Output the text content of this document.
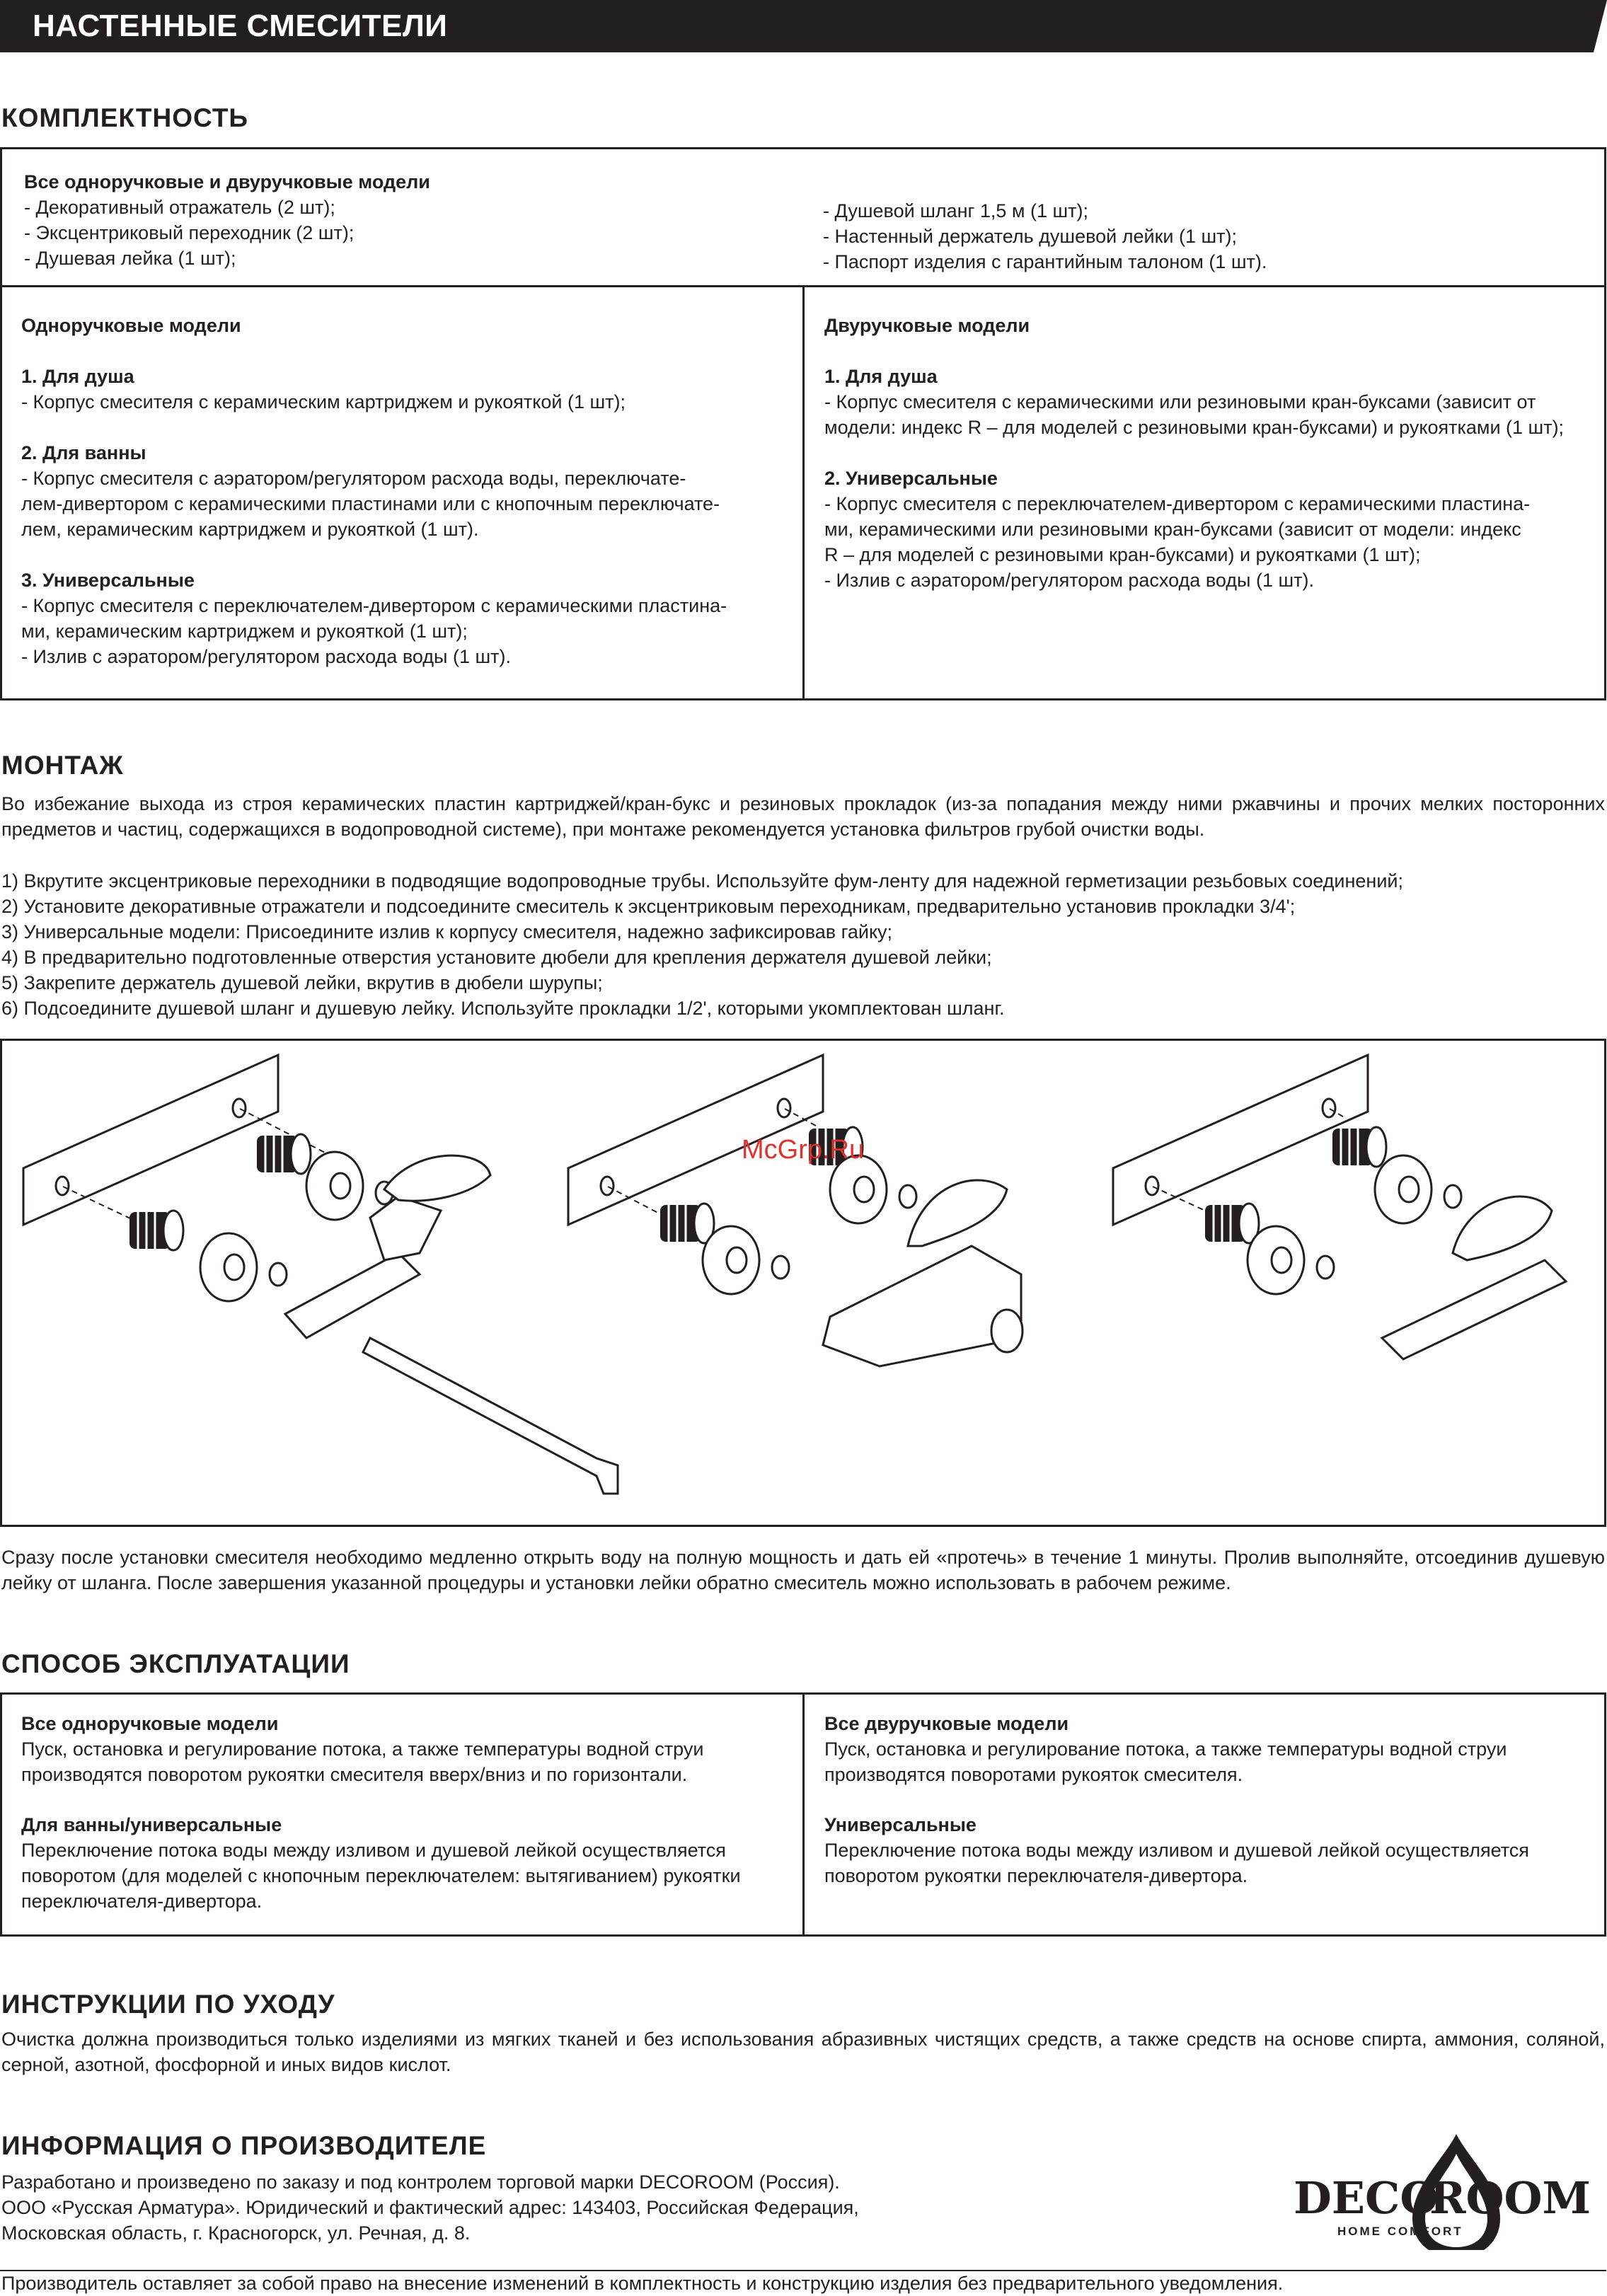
НАСТЕННЫЕ СМЕСИТЕЛИ
КОМПЛЕКТНОСТЬ
Все одноручковые и двуручковые модели
- Декоративный отражатель (2 шт);
- Эксцентриковый переходник (2 шт);
- Душевая лейка (1 шт);
- Душевой шланг 1,5 м (1 шт);
- Настенный держатель душевой лейки (1 шт);
- Паспорт изделия с гарантийным талоном (1 шт).
Одноручковые модели
1. Для душа
- Корпус смесителя с керамическим картриджем и рукояткой (1 шт);
2. Для ванны
- Корпус смесителя с аэратором/регулятором расхода воды, переключате-
лем-дивертором с керамическими пластинами или с кнопочным переключате-
лем, керамическим картриджем и рукояткой (1 шт).
3. Универсальные
- Корпус смесителя с переключателем-дивертором с керамическими пластина-
ми, керамическим картриджем и рукояткой (1 шт);
- Излив с аэратором/регулятором расхода воды (1 шт).
Двуручковые модели
1. Для душа
- Корпус смесителя с керамическими или резиновыми кран-буксами (зависит от
модели: индекс R – для моделей с резиновыми кран-буксами) и рукоятками (1 шт);
2. Универсальные
- Корпус смесителя с переключателем-дивертором с керамическими пластина-
ми, керамическими или резиновыми кран-буксами (зависит от модели: индекс
R – для моделей с резиновыми кран-буксами) и рукоятками (1 шт);
- Излив с аэратором/регулятором расхода воды (1 шт).
МОНТАЖ
Во избежание выхода из строя керамических пластин картриджей/кран-букс и резиновых прокладок (из-за попадания между ними ржавчины и прочих мелких посторонних предметов и частиц, содержащихся в водопроводной системе), при монтаже рекомендуется установка фильтров грубой очистки воды.
1) Вкрутите эксцентриковые переходники в подводящие водопроводные трубы. Используйте фум-ленту для надежной герметизации резьбовых соединений;
2) Установите декоративные отражатели и подсоедините смеситель к эксцентриковым переходникам, предварительно установив прокладки 3/4';
3) Универсальные модели: Присоедините излив к корпусу смесителя, надежно зафиксировав гайку;
4) В предварительно подготовленные отверстия установите дюбели для крепления держателя душевой лейки;
5) Закрепите держатель душевой лейки, вкрутив в дюбели шурупы;
6) Подсоедините душевой шланг и душевую лейку. Используйте прокладки 1/2', которыми укомплектован шланг.
McGrp.Ru
Сразу после установки смесителя необходимо медленно открыть воду на полную мощность и дать ей «протечь» в течение 1 минуты. Пролив выполняйте, отсоединив душевую лейку от шланга. После завершения указанной процедуры и установки лейки обратно смеситель можно использовать в рабочем режиме.
СПОСОБ ЭКСПЛУАТАЦИИ
Все одноручковые модели
Пуск, остановка и регулирование потока, а также температуры водной струи
производятся поворотом рукоятки смесителя вверх/вниз и по горизонтали.
Для ванны/универсальные
Переключение потока воды между изливом и душевой лейкой осуществляется
поворотом (для моделей с кнопочным переключателем: вытягиванием) рукоятки
переключателя-дивертора.
Все двуручковые модели
Пуск, остановка и регулирование потока, а также температуры водной струи
производятся поворотами рукояток смесителя.
Универсальные
Переключение потока воды между изливом и душевой лейкой осуществляется
поворотом рукоятки переключателя-дивертора.
ИНСТРУКЦИИ ПО УХОДУ
Очистка должна производиться только изделиями из мягких тканей и без использования абразивных чистящих средств, а также средств на основе спирта, аммония, соляной, серной, азотной, фосфорной и иных видов кислот.
ИНФОРМАЦИЯ О ПРОИЗВОДИТЕЛЕ
Разработано и произведено по заказу и под контролем торговой марки DECOROOM (Россия).
ООО «Русская Арматура». Юридический и фактический адрес: 143403, Российская Федерация,
Московская область, г. Красногорск, ул. Речная, д. 8.
DECO
ROOM
HOME COMFORT
Производитель оставляет за собой право на внесение изменений в комплектность и конструкцию изделия без предварительного уведомления.
